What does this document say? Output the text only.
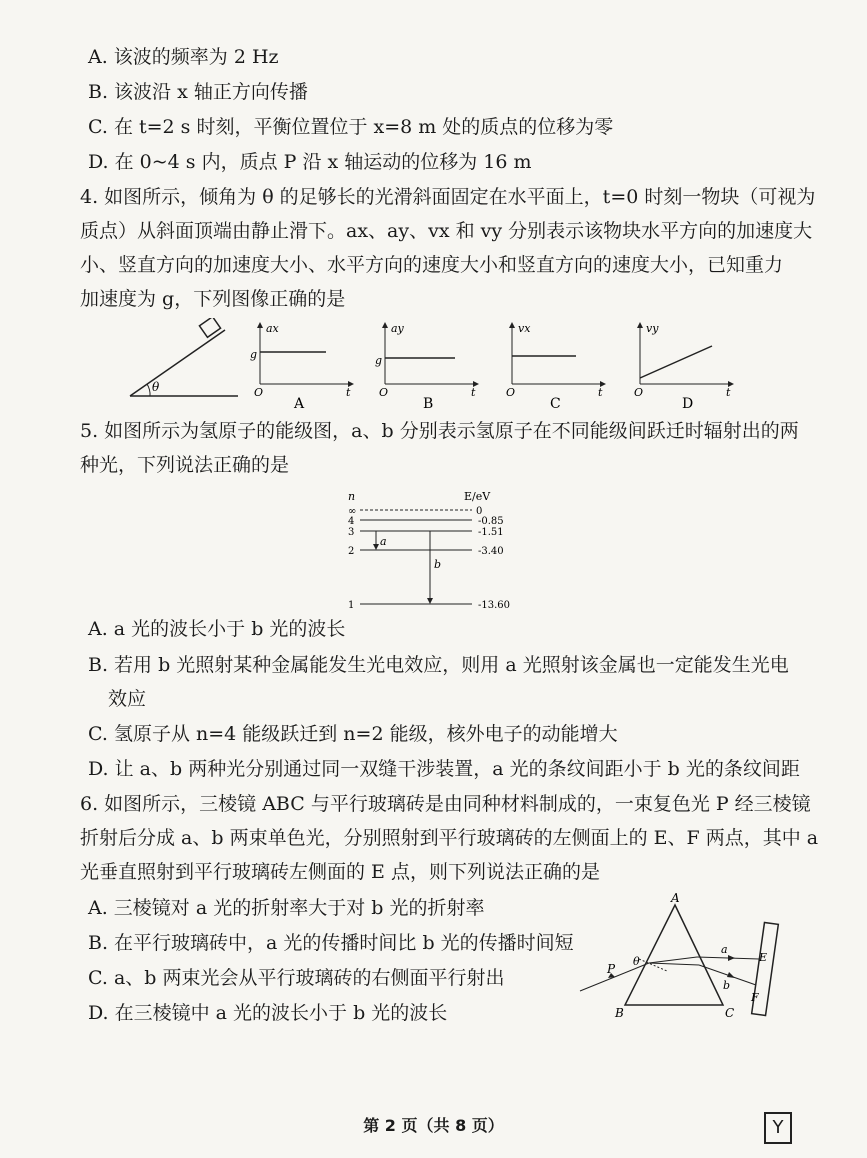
A. 该波的频率为 2 Hz
B. 该波沿 x 轴正方向传播
C. 在 t=2 s 时刻，平衡位置位于 x=8 m 处的质点的位移为零
D. 在 0~4 s 内，质点 P 沿 x 轴运动的位移为 16 m
4. 如图所示，倾角为 θ 的足够长的光滑斜面固定在水平面上，t=0 时刻一物块（可视为
质点）从斜面顶端由静止滑下。ax、ay、vx 和 vy 分别表示该物块水平方向的加速度大
小、竖直方向的加速度大小、水平方向的速度大小和竖直方向的速度大小，已知重力
加速度为 g，下列图像正确的是
θ
ax
g
O	t
A
ay
g
O	t
B
vx
O	t
C
vy
O	t
D
5. 如图所示为氢原子的能级图，a、b 分别表示氢原子在不同能级间跃迁时辐射出的两
种光，下列说法正确的是
n	E/eV
∞	0
4	-0.85
3	-1.51
2	-3.40
1	-13.60
a
b
A. a 光的波长小于 b 光的波长
B. 若用 b 光照射某种金属能发生光电效应，则用 a 光照射该金属也一定能发生光电
效应
C. 氢原子从 n=4 能级跃迁到 n=2 能级，核外电子的动能增大
D. 让 a、b 两种光分别通过同一双缝干涉装置，a 光的条纹间距小于 b 光的条纹间距
6. 如图所示，三棱镜 ABC 与平行玻璃砖是由同种材料制成的，一束复色光 P 经三棱镜
折射后分成 a、b 两束单色光，分别照射到平行玻璃砖的左侧面上的 E、F 两点，其中 a
光垂直照射到平行玻璃砖左侧面的 E 点，则下列说法正确的是
A. 三棱镜对 a 光的折射率大于对 b 光的折射率
B. 在平行玻璃砖中，a 光的传播时间比 b 光的传播时间短
C. a、b 两束光会从平行玻璃砖的右侧面平行射出
D. 在三棱镜中 a 光的波长小于 b 光的波长
A
B	C
P
θ
a
b
E
F
第 2 页（共 8 页）	Y
